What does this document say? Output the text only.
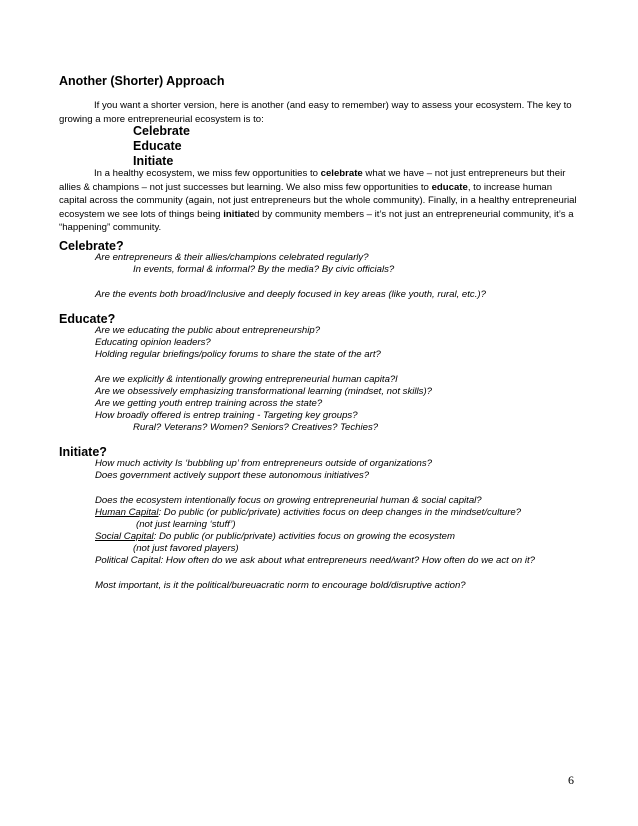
Another (Shorter) Approach

If you want a shorter version, here is another (and easy to remember) way to assess your ecosystem. The key to growing a more entrepreneurial ecosystem is to:

Celebrate

Educate

Initiate

In a healthy ecosystem, we miss few opportunities to celebrate what we have – not just entrepreneurs but their allies & champions – not just successes but learning. We also miss few opportunities to educate, to increase human capital across the community (again, not just entrepreneurs but the whole community). Finally, in a healthy entrepreneurial ecosystem we see lots of things being initiated by community members – it’s not just an entrepreneurial community, it’s a “happening” community.

Celebrate?

Are entrepreneurs & their allies/champions celebrated regularly?

In events, formal & informal? By the media? By civic officials?

Are the events both broad/Inclusive and deeply focused in key areas (like youth, rural, etc.)?

Educate?

Are we educating the public about entrepreneurship?

Educating opinion leaders?

Holding regular briefings/policy forums to share the state of the art?

Are we explicitly & intentionally growing entrepreneurial human capita?l

Are we obsessively emphasizing transformational learning (mindset, not skills)?

Are we getting youth entrep training across the state?

How broadly offered is entrep training - Targeting key groups?

Rural? Veterans? Women? Seniors? Creatives? Techies?

Initiate?

How much activity Is ‘bubbling up’ from entrepreneurs outside of organizations?

Does government actively support these autonomous initiatives?

Does the ecosystem intentionally focus on growing entrepreneurial human & social capital?

Human Capital: Do public (or public/private) activities focus on deep changes in the mindset/culture?

(not just learning ‘stuff’)

Social Capital: Do public (or public/private) activities focus on growing the ecosystem

(not just favored players)

Political Capital: How often do we ask about what entrepreneurs need/want? How often do we act on it?

Most important, is it the political/bureuacratic norm to encourage bold/disruptive action?

6
